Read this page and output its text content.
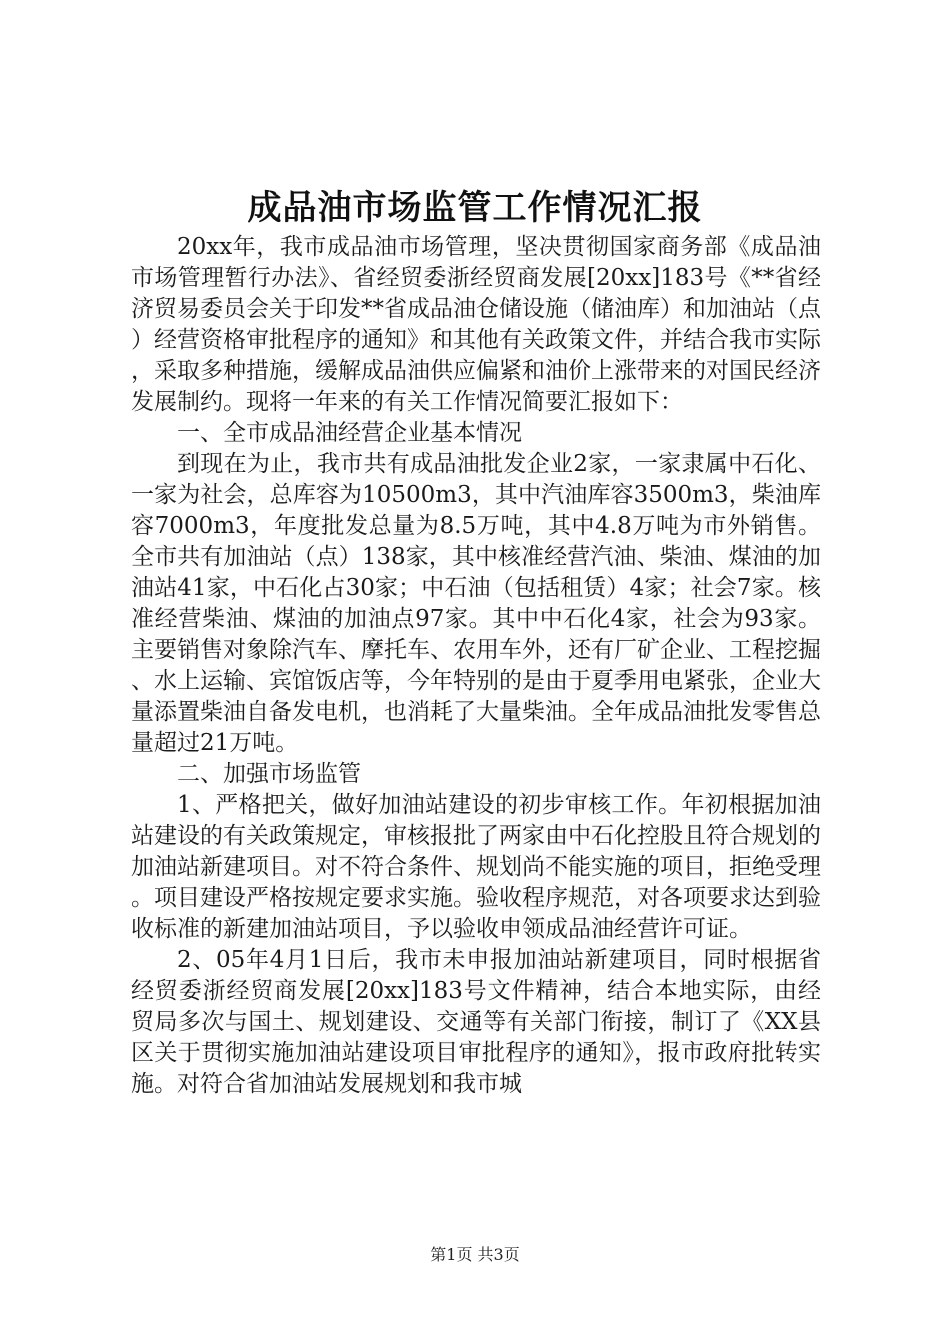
成品油市场监管工作情况汇报

20xx年，我市成品油市场管理，坚决贯彻国家商务部《成品油市场管理暂行办法》、省经贸委浙经贸商发展[20xx]183号《**省经济贸易委员会关于印发**省成品油仓储设施（储油库）和加油站（点）经营资格审批程序的通知》和其他有关政策文件，并结合我市实际，采取多种措施，缓解成品油供应偏紧和油价上涨带来的对国民经济发展制约。现将一年来的有关工作情况简要汇报如下：

一、全市成品油经营企业基本情况

到现在为止，我市共有成品油批发企业2家，一家隶属中石化、一家为社会，总库容为10500m3，其中汽油库容3500m3，柴油库容7000m3，年度批发总量为8.5万吨，其中4.8万吨为市外销售。全市共有加油站（点）138家，其中核准经营汽油、柴油、煤油的加油站41家，中石化占30家；中石油（包括租赁）4家；社会7家。核准经营柴油、煤油的加油点97家。其中中石化4家，社会为93家。主要销售对象除汽车、摩托车、农用车外，还有厂矿企业、工程挖掘、水上运输、宾馆饭店等，今年特别的是由于夏季用电紧张，企业大量添置柴油自备发电机，也消耗了大量柴油。全年成品油批发零售总量超过21万吨。

二、加强市场监管

1、严格把关，做好加油站建设的初步审核工作。年初根据加油站建设的有关政策规定，审核报批了两家由中石化控股且符合规划的加油站新建项目。对不符合条件、规划尚不能实施的项目，拒绝受理。项目建设严格按规定要求实施。验收程序规范，对各项要求达到验收标准的新建加油站项目，予以验收申领成品油经营许可证。

2、05年4月1日后，我市未申报加油站新建项目，同时根据省经贸委浙经贸商发展[20xx]183号文件精神，结合本地实际，由经贸局多次与国土、规划建设、交通等有关部门衔接，制订了《XX县区关于贯彻实施加油站建设项目审批程序的通知》，报市政府批转实施。对符合省加油站发展规划和我市城

第1页 共3页
